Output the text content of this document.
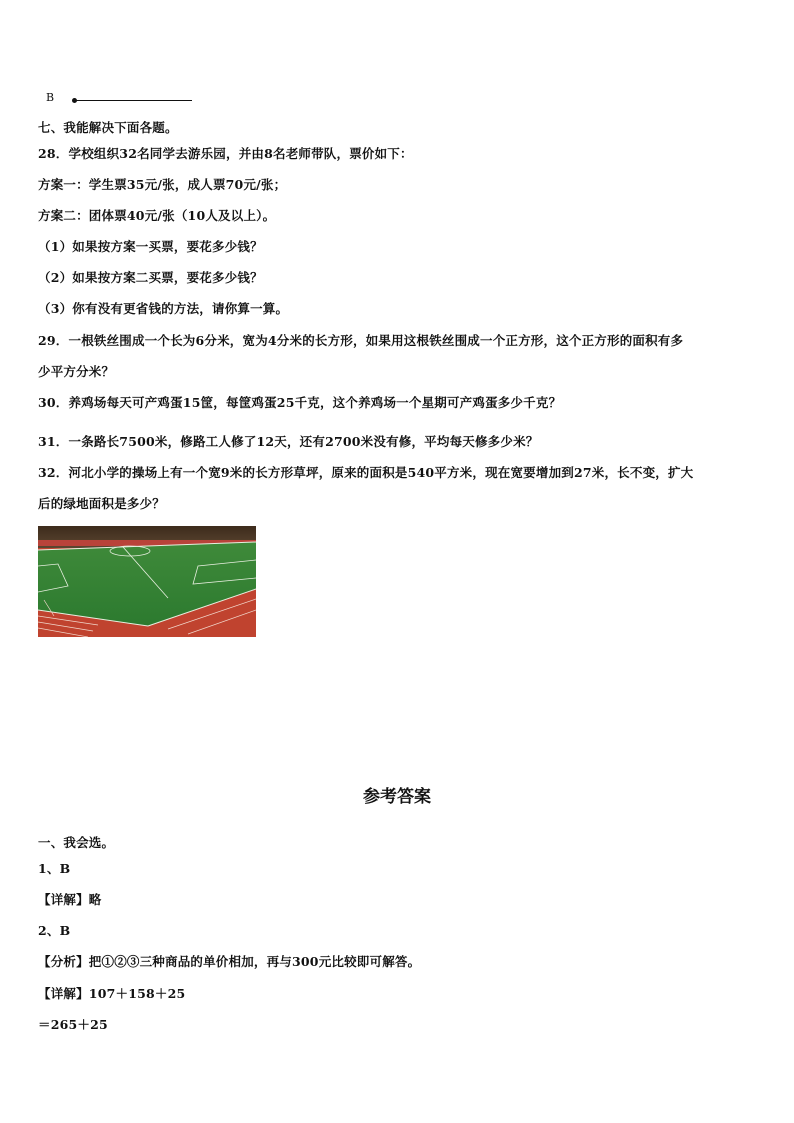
B
七、我能解决下面各题。
28．学校组织32名同学去游乐园，并由8名老师带队，票价如下：
方案一：学生票35元/张，成人票70元/张；
方案二：团体票40元/张（10人及以上）。
（1）如果按方案一买票，要花多少钱？
（2）如果按方案二买票，要花多少钱？
（3）你有没有更省钱的方法，请你算一算。
29．一根铁丝围成一个长为6分米，宽为4分米的长方形，如果用这根铁丝围成一个正方形，这个正方形的面积有多
少平方分米？
30．养鸡场每天可产鸡蛋15筐，每筐鸡蛋25千克，这个养鸡场一个星期可产鸡蛋多少千克？
31．一条路长7500米，修路工人修了12天，还有2700米没有修，平均每天修多少米？
32．河北小学的操场上有一个宽9米的长方形草坪，原来的面积是540平方米，现在宽要增加到27米，长不变，扩大
后的绿地面积是多少？
参考答案
一、我会选。
1、B
【详解】略
2、B
【分析】把①②③三种商品的单价相加，再与300元比较即可解答。
【详解】107＋158＋25
＝265＋25
